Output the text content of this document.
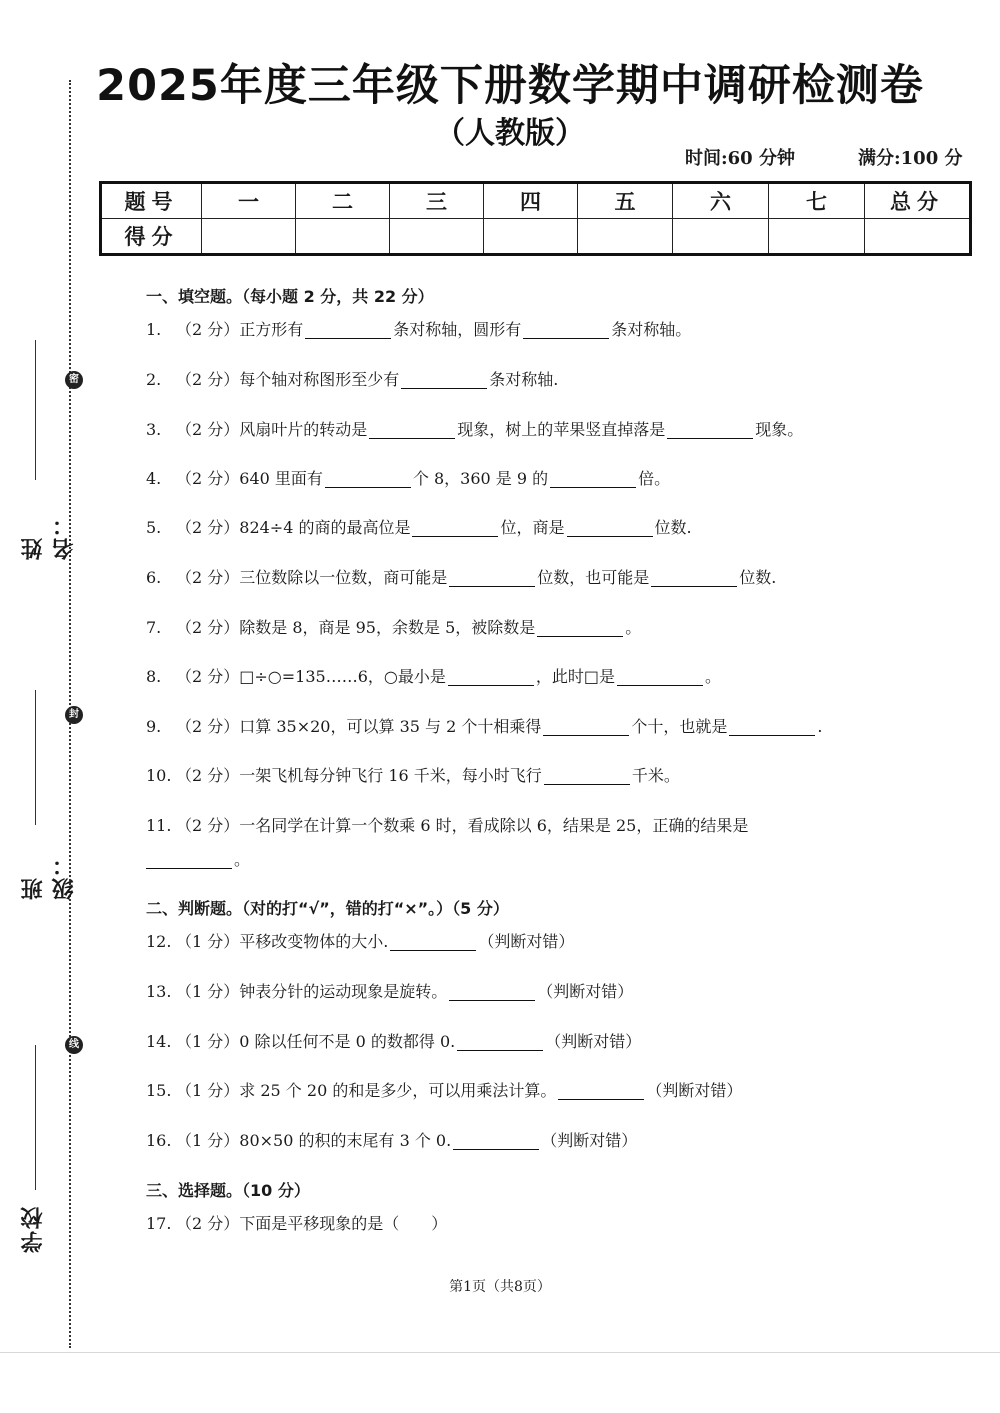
密
封
线
姓名：
班级：
学校
2025年度三年级下册数学期中调研检测卷
（人教版）
时间:60 分钟	满分:100 分
题号	一	二	三	四	五	六	七	总分
得分								
一、填空题。（每小题 2 分，共 22 分）
1. （2 分）正方形有	条对称轴，圆形有	条对称轴。
2. （2 分）每个轴对称图形至少有	条对称轴.
3. （2 分）风扇叶片的转动是	现象，树上的苹果竖直掉落是	现象。
4. （2 分）640 里面有	个 8，360 是 9 的	倍。
5. （2 分）824÷4 的商的最高位是	位，商是	位数.
6. （2 分）三位数除以一位数，商可能是	位数，也可能是	位数.
7. （2 分）除数是 8，商是 95，余数是 5，被除数是	。
8. （2 分）□÷○=135……6，○最小是	，此时□是	。
9. （2 分）口算 35×20，可以算 35 与 2 个十相乘得	个十，也就是	.
10. （2 分）一架飞机每分钟飞行 16 千米，每小时飞行	千米。
11. （2 分）一名同学在计算一个数乘 6 时，看成除以 6，结果是 25，正确的结果是
。
二、判断题。（对的打“√”，错的打“×”。）（5 分）
12. （1 分）平移改变物体的大小.	（判断对错）
13. （1 分）钟表分针的运动现象是旋转。	（判断对错）
14. （1 分）0 除以任何不是 0 的数都得 0.	（判断对错）
15. （1 分）求 25 个 20 的和是多少，可以用乘法计算。	（判断对错）
16. （1 分）80×50 的积的末尾有 3 个 0.	（判断对错）
三、选择题。（10 分）
17. （2 分）下面是平移现象的是（　　）
第1页（共8页）
